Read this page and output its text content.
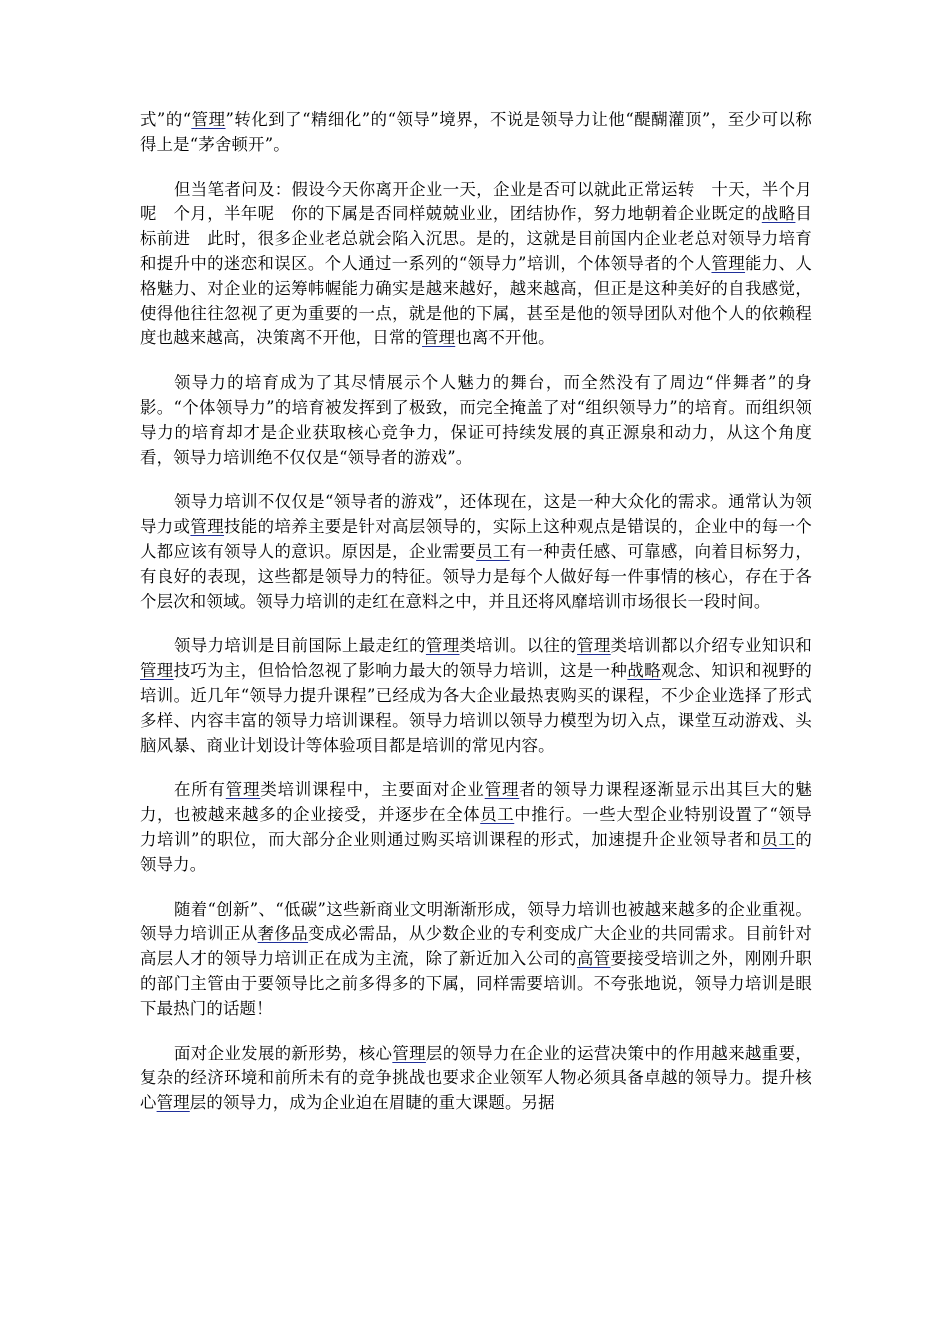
式”的“管理”转化到了“精细化”的“领导”境界，不说是领导力让他“醍醐灌顶”，至少可以称得上是“茅舍顿开”。

但当笔者问及：假设今天你离开企业一天，企业是否可以就此正常运转　十天，半个月呢　个月，半年呢　你的下属是否同样兢兢业业，团结协作，努力地朝着企业既定的战略目标前进　此时，很多企业老总就会陷入沉思。是的，这就是目前国内企业老总对领导力培育和提升中的迷恋和误区。个人通过一系列的“领导力”培训，个体领导者的个人管理能力、人格魅力、对企业的运筹帏幄能力确实是越来越好，越来越高，但正是这种美好的自我感觉，使得他往往忽视了更为重要的一点，就是他的下属，甚至是他的领导团队对他个人的依赖程度也越来越高，决策离不开他，日常的管理也离不开他。

领导力的培育成为了其尽情展示个人魅力的舞台，而全然没有了周边“伴舞者”的身影。“个体领导力”的培育被发挥到了极致，而完全掩盖了对“组织领导力”的培育。而组织领导力的培育却才是企业获取核心竞争力，保证可持续发展的真正源泉和动力，从这个角度看，领导力培训绝不仅仅是“领导者的游戏”。

领导力培训不仅仅是“领导者的游戏”，还体现在，这是一种大众化的需求。通常认为领导力或管理技能的培养主要是针对高层领导的，实际上这种观点是错误的，企业中的每一个人都应该有领导人的意识。原因是，企业需要员工有一种责任感、可靠感，向着目标努力，有良好的表现，这些都是领导力的特征。领导力是每个人做好每一件事情的核心，存在于各个层次和领域。领导力培训的走红在意料之中，并且还将风靡培训市场很长一段时间。

领导力培训是目前国际上最走红的管理类培训。以往的管理类培训都以介绍专业知识和管理技巧为主，但恰恰忽视了影响力最大的领导力培训，这是一种战略观念、知识和视野的培训。近几年“领导力提升课程”已经成为各大企业最热衷购买的课程，不少企业选择了形式多样、内容丰富的领导力培训课程。领导力培训以领导力模型为切入点，课堂互动游戏、头脑风暴、商业计划设计等体验项目都是培训的常见内容。

在所有管理类培训课程中，主要面对企业管理者的领导力课程逐渐显示出其巨大的魅力，也被越来越多的企业接受，并逐步在全体员工中推行。一些大型企业特别设置了“领导力培训”的职位，而大部分企业则通过购买培训课程的形式，加速提升企业领导者和员工的领导力。

随着“创新”、“低碳”这些新商业文明渐渐形成，领导力培训也被越来越多的企业重视。领导力培训正从奢侈品变成必需品，从少数企业的专利变成广大企业的共同需求。目前针对高层人才的领导力培训正在成为主流，除了新近加入公司的高管要接受培训之外，刚刚升职的部门主管由于要领导比之前多得多的下属，同样需要培训。不夸张地说，领导力培训是眼下最热门的话题！

面对企业发展的新形势，核心管理层的领导力在企业的运营决策中的作用越来越重要，复杂的经济环境和前所未有的竞争挑战也要求企业领军人物必须具备卓越的领导力。提升核心管理层的领导力，成为企业迫在眉睫的重大课题。另据
